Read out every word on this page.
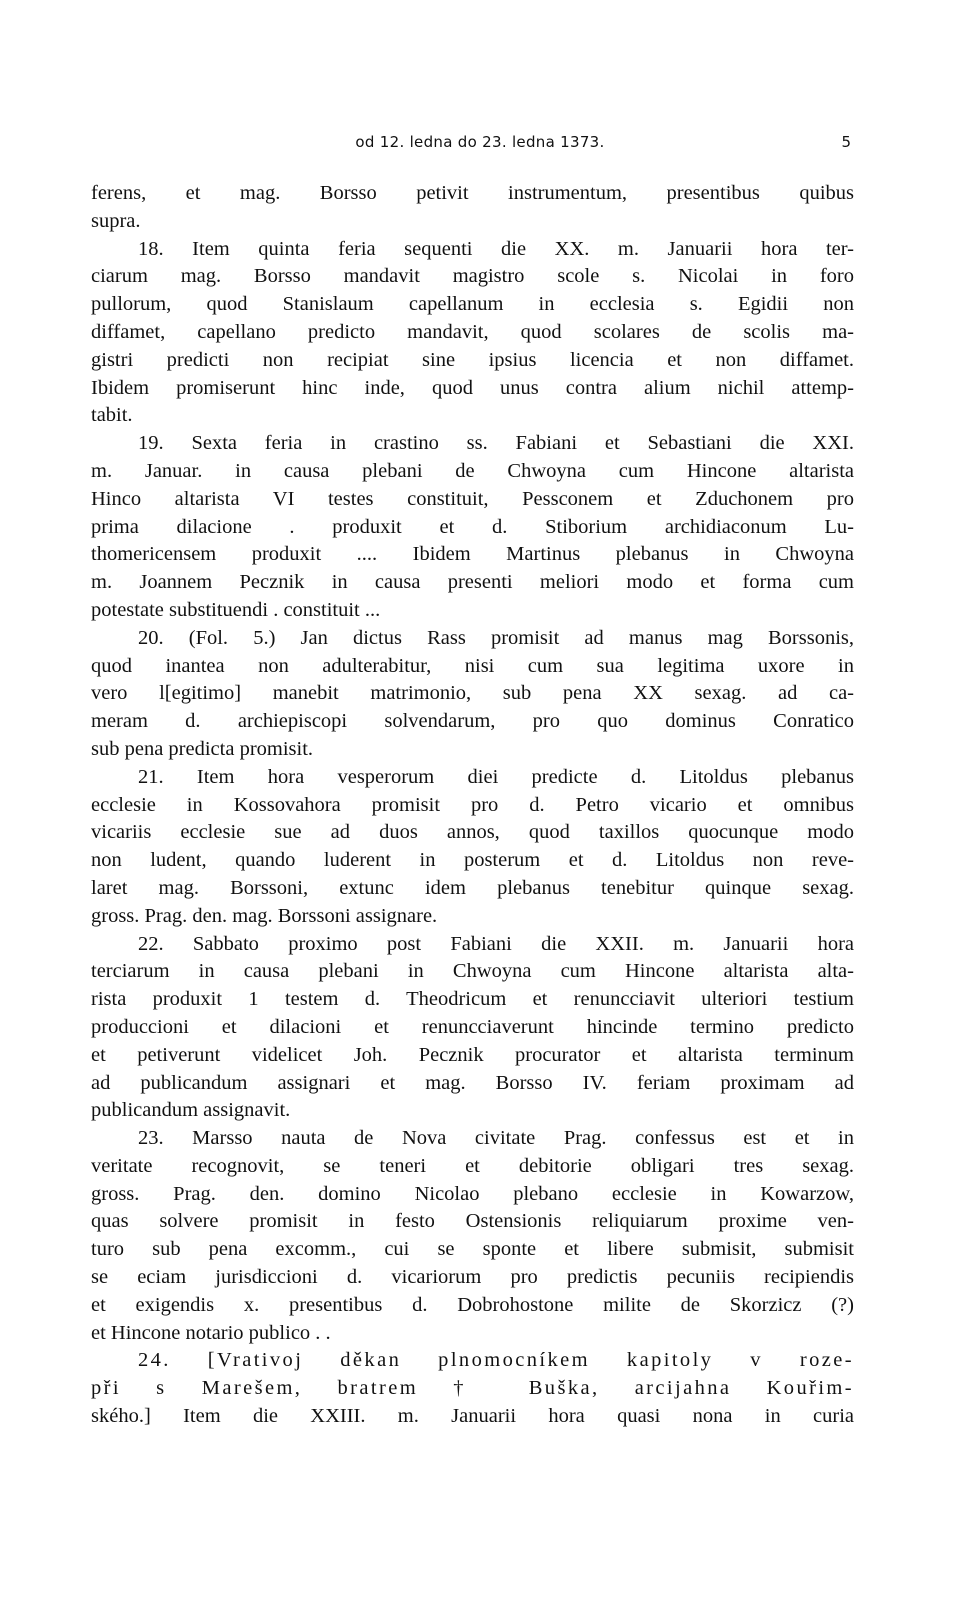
od 12. ledna do 23. ledna 1373.	5
ferens, et mag. Borsso petivit instrumentum, presentibus quibus
supra.
18. Item quinta feria sequenti die XX. m. Januarii hora ter-
ciarum mag. Borsso mandavit magistro scole s. Nicolai in foro
pullorum, quod Stanislaum capellanum in ecclesia s. Egidii non
diffamet, capellano predicto mandavit, quod scolares de scolis ma-
gistri predicti non recipiat sine ipsius licencia et non diffamet.
Ibidem promiserunt hinc inde, quod unus contra alium nichil attemp-
tabit.
19. Sexta feria in crastino ss. Fabiani et Sebastiani die XXI.
m. Januar. in causa plebani de Chwoyna cum Hincone altarista
Hinco altarista VI testes constituit, Pessconem et Zduchonem pro
prima dilacione . produxit et d. Stiborium archidiaconum Lu-
thomericensem produxit .... Ibidem Martinus plebanus in Chwoyna
m. Joannem Pecznik in causa presenti meliori modo et forma cum
potestate substituendi . constituit ...
20. (Fol. 5.) Jan dictus Rass promisit ad manus mag Borssonis,
quod inantea non adulterabitur, nisi cum sua legitima uxore in
vero l[egitimo] manebit matrimonio, sub pena XX sexag. ad ca-
meram d. archiepiscopi solvendarum, pro quo dominus Conratico
sub pena predicta promisit.
21. Item hora vesperorum diei predicte d. Litoldus plebanus
ecclesie in Kossovahora promisit pro d. Petro vicario et omnibus
vicariis ecclesie sue ad duos annos, quod taxillos quocunque modo
non ludent, quando luderent in posterum et d. Litoldus non reve-
laret mag. Borssoni, extunc idem plebanus tenebitur quinque sexag.
gross. Prag. den. mag. Borssoni assignare.
22. Sabbato proximo post Fabiani die XXII. m. Januarii hora
terciarum in causa plebani in Chwoyna cum Hincone altarista alta-
rista produxit 1 testem d. Theodricum et renuncciavit ulteriori testium
produccioni et dilacioni et renuncciaverunt hincinde termino predicto
et petiverunt videlicet Joh. Pecznik procurator et altarista terminum
ad publicandum assignari et mag. Borsso IV. feriam proximam ad
publicandum assignavit.
23. Marsso nauta de Nova civitate Prag. confessus est et in
veritate recognovit, se teneri et debitorie obligari tres sexag.
gross. Prag. den. domino Nicolao plebano ecclesie in Kowarzow,
quas solvere promisit in festo Ostensionis reliquiarum proxime ven-
turo sub pena excomm., cui se sponte et libere submisit, submisit
se eciam jurisdiccioni d. vicariorum pro predictis pecuniis recipiendis
et exigendis x. presentibus d. Dobrohostone milite de Skorzicz (?)
et Hincone notario publico . .
24. [Vrativoj děkan plnomocníkem kapitoly v roze-
při s Marešem, bratrem † Buška, arcijahna Kouřim-
ského.] Item die XXIII. m. Januarii hora quasi nona in curia
